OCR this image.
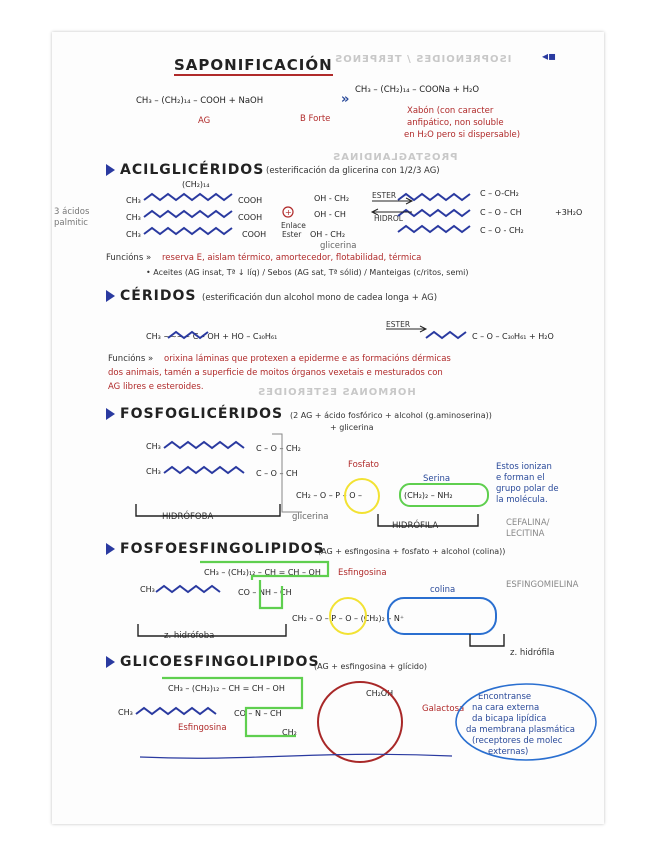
ISOPRENOIDES / TERPENOS
PROSTAGLANDINAS
HORMONAS ESTEROIDES
SAPONIFICACIÓN
CH₃ – (CH₂)₁₄ – COOH + NaOH	»
CH₃ – (CH₂)₁₄ – COONa + H₂O
AG	B Forte
Xabón (con caracter
anfipático, non soluble
en H₂O pero si dispersable)
ACILGLICÉRIDOS (esterificación da glicerina con 1/2/3 AG)
(CH₂)₁₄
CH₃
CH₃
CH₃
COOH
COOH
COOH
3 ácidos
palmitic
OH - CH₂
OH - CH
OH - CH₂
glicerina
Enlace
Ester
ESTER
HIDROL
C – O-CH₂
C – O – CH
C – O - CH₂
+3H₂O
Funcións » reserva E, aislam térmico, amortecedor, flotabilidad, térmica
• Aceites (AG insat, Tª ↓ líq) / Sebos (AG sat, Tª sólid) / Manteigas (c/ritos, semi)
CÉRIDOS (esterificación dun alcohol mono de cadea longa + AG)
CH₃ ~~~~ C – OH + HO – C₃₀H₆₁
ESTER
C – O – C₃₀H₆₁ + H₂O
Funcións » orixina láminas que protexen a epiderme e as formacións dérmicas
dos animais, tamén a superficie de moitos órganos vexetais e mesturados con
AG libres e esteroides.
FOSFOGLICÉRIDOS (2 AG + ácido fosfórico + alcohol (g.aminoserina))
+ glicerina
CH₃
CH₃
C – O – CH₂
C – O – CH
CH₂ – O – P – O –
Fosfato
Serina
(CH₂)₂ – NH₂
Estos ionizan
e forman el
grupo polar de
la molécula.
HIDRÓFOBA	glicerina
HIDRÓFILA	CEFALINA/
LECITINA
FOSFOESFINGOLIPIDOS
(AG + esfingosina + fosfato + alcohol (colina))
CH₃ – (CH₂)₁₂ – CH = CH – OH Esfingosina
CH₃	CO – NH – CH
CH₂ – O – P – O – (CH₂)₂ – N⁺
colina	ESFINGOMIELINA
z. hidrófoba
z. hidrófila
GLICOESFINGOLIPIDOS
(AG + esfingosina + glícido)
CH₃ – (CH₂)₁₂ – CH = CH – OH
CH₂OH
Galactosa
CH₃	CO – N – CH
CH₂
Esfingosina
Encontranse
na cara externa
da bicapa lipídica
da membrana plasmática
(receptores de molec
externas)
+
◂▪
